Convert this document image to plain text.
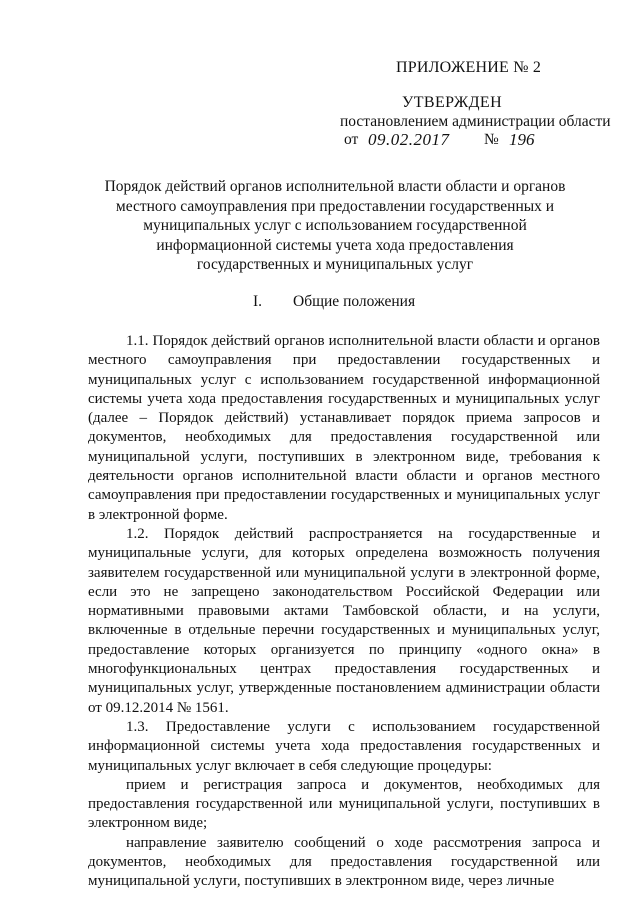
ПРИЛОЖЕНИЕ № 2
УТВЕРЖДЕН
постановлением администрации области
от 09.02.2017 № 196
Порядок действий органов исполнительной власти области и органов местного самоуправления при предоставлении государственных и муниципальных услуг с использованием государственной информационной системы учета хода предоставления государственных и муниципальных услуг
I. Общие положения

1.1. Порядок действий органов исполнительной власти области и органов местного самоуправления при предоставлении государственных и муниципальных услуг с использованием государственной информационной системы учета хода предоставления государственных и муниципальных услуг (далее – Порядок действий) устанавливает порядок приема запросов и документов, необходимых для предоставления государственной или муниципальной услуги, поступивших в электронном виде, требования к деятельности органов исполнительной власти области и органов местного самоуправления при предоставлении государственных и муниципальных услуг в электронной форме.

1.2. Порядок действий распространяется на государственные и муниципальные услуги, для которых определена возможность получения заявителем государственной или муниципальной услуги в электронной форме, если это не запрещено законодательством Российской Федерации или нормативными правовыми актами Тамбовской области, и на услуги, включенные в отдельные перечни государственных и муниципальных услуг, предоставление которых организуется по принципу «одного окна» в многофункциональных центрах предоставления государственных и муниципальных услуг, утвержденные постановлением администрации области от 09.12.2014 № 1561.

1.3. Предоставление услуги с использованием государственной информационной системы учета хода предоставления государственных и муниципальных услуг включает в себя следующие процедуры:

прием и регистрация запроса и документов, необходимых для предоставления государственной или муниципальной услуги, поступивших в электронном виде;

направление заявителю сообщений о ходе рассмотрения запроса и документов, необходимых для предоставления государственной или муниципальной услуги, поступивших в электронном виде, через личные
